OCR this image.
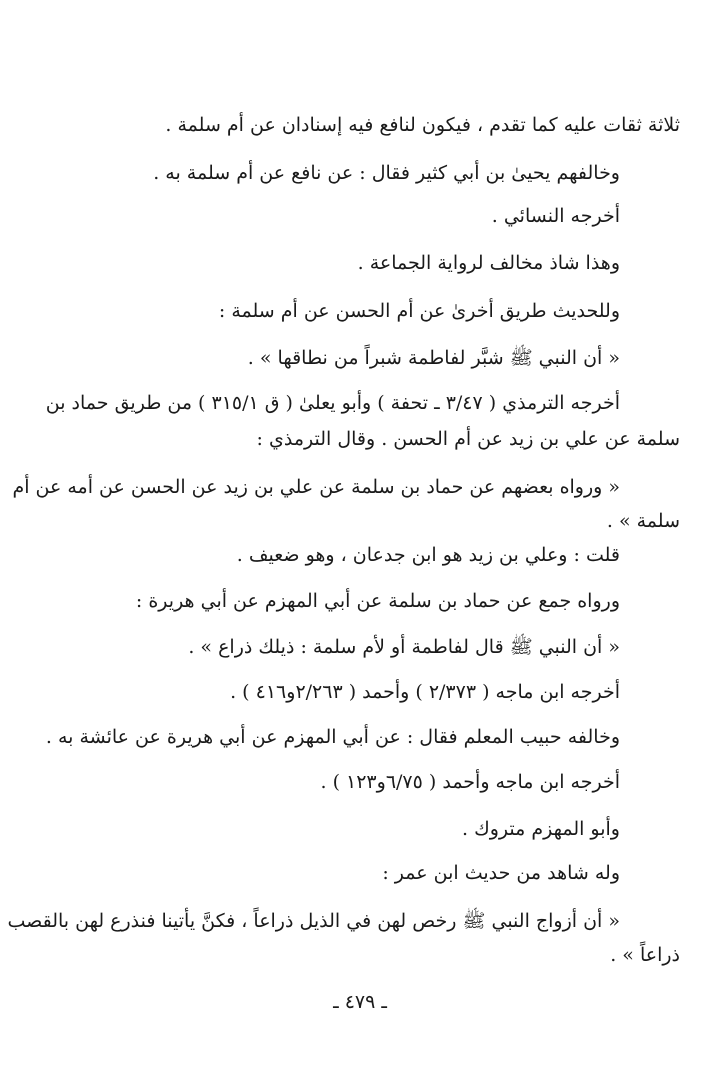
ثلاثة ثقات عليه كما تقدم ، فيكون لنافع فيه إسنادان عن أم سلمة .
وخالفهم يحيىٰ بن أبي كثير فقال : عن نافع عن أم سلمة به .
أخرجه النسائي .
وهذا شاذ مخالف لرواية الجماعة .
وللحديث طريق أخرىٰ عن أم الحسن عن أم سلمة :
« أن النبي ﷺ شبَّر لفاطمة شبراً من نطاقها » .
أخرجه الترمذي ( ٣/٤٧ ـ تحفة ) وأبو يعلىٰ ( ق ٣١٥/١ ) من طريق حماد بن
سلمة عن علي بن زيد عن أم الحسن . وقال الترمذي :
« ورواه بعضهم عن حماد بن سلمة عن علي بن زيد عن الحسن عن أمه عن أم
سلمة » .
قلت : وعلي بن زيد هو ابن جدعان ، وهو ضعيف .
ورواه جمع عن حماد بن سلمة عن أبي المهزم عن أبي هريرة :
« أن النبي ﷺ قال لفاطمة أو لأم سلمة : ذيلك ذراع » .
أخرجه ابن ماجه ( ٢/٣٧٣ ) وأحمد ( ٢/٢٦٣و٤١٦ ) .
وخالفه حبيب المعلم فقال : عن أبي المهزم عن أبي هريرة عن عائشة به .
أخرجه ابن ماجه وأحمد ( ٦/٧٥و١٢٣ ) .
وأبو المهزم متروك .
وله شاهد من حديث ابن عمر :
« أن أزواج النبي ﷺ رخص لهن في الذيل ذراعاً ، فكنَّ يأتينا فنذرع لهن بالقصب
ذراعاً » .
ـ ٤٧٩ ـ
